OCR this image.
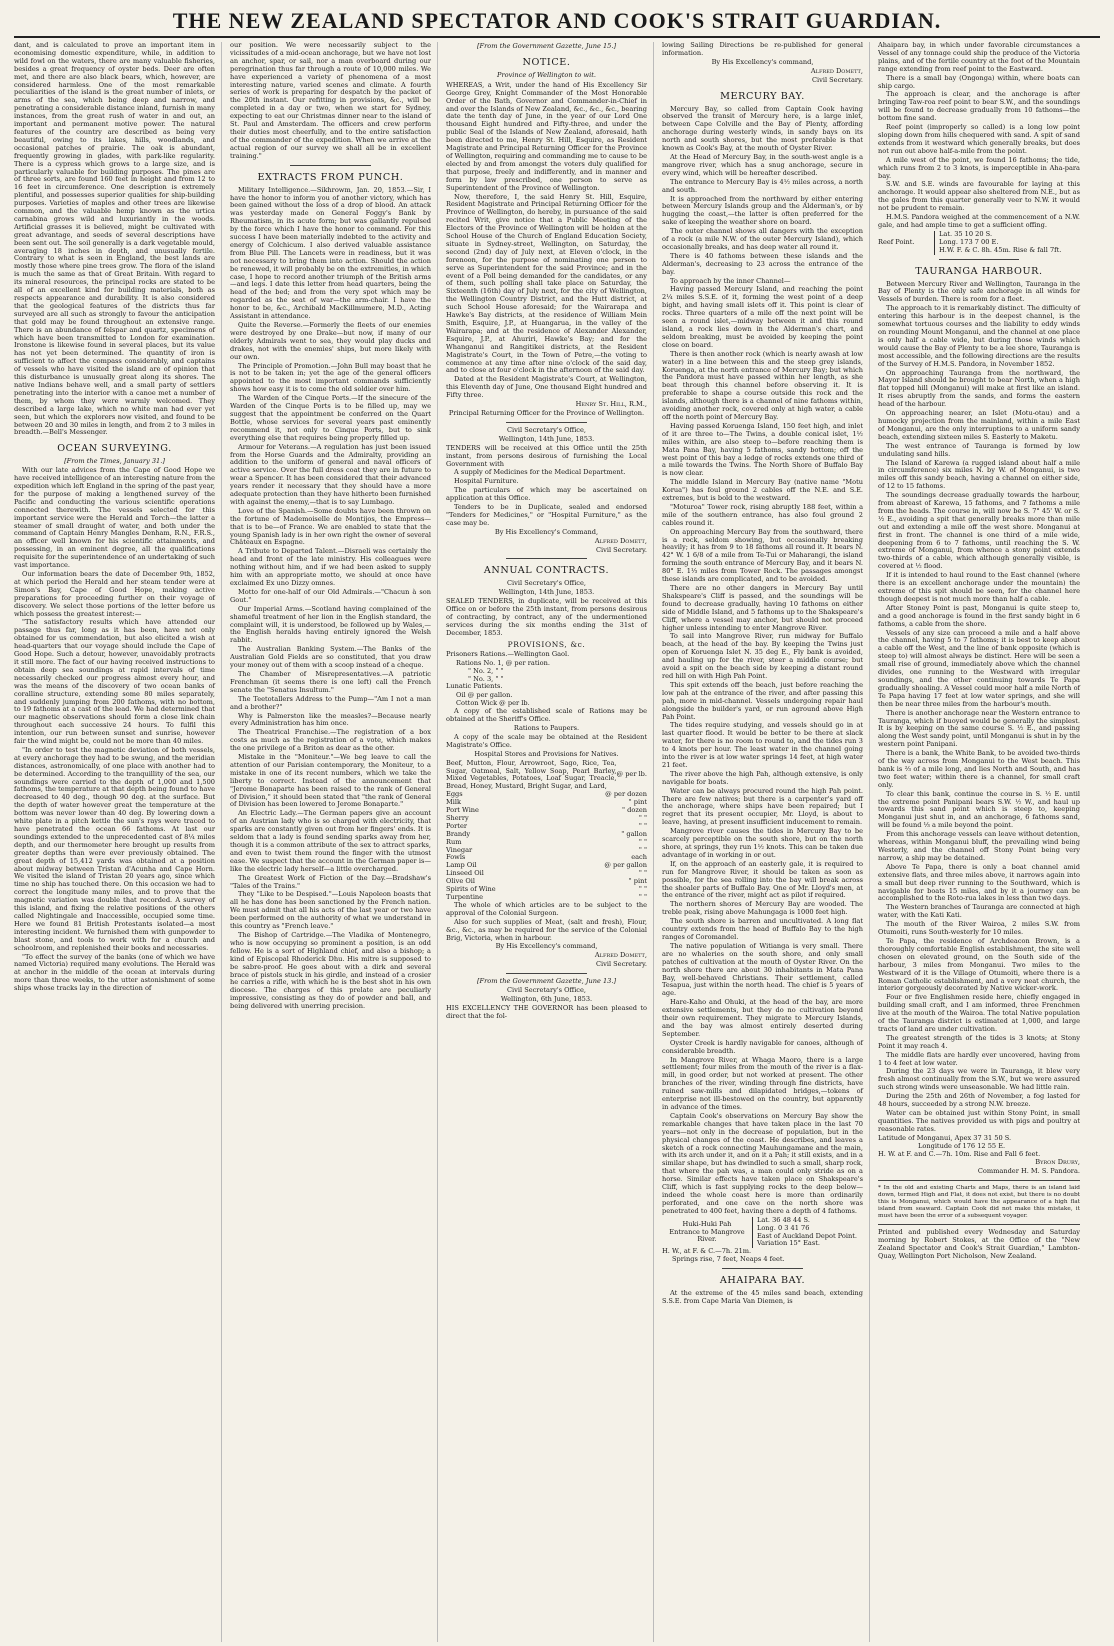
THE NEW ZEALAND SPECTATOR AND COOK'S STRAIT GUARDIAN.

dant, and is calculated to prove an important item in economising domestic expenditure, while, in addition to wild fowl on the waters, there are many valuable fisheries, besides a great frequency of oyster beds. Deer are often met, and there are also black bears, which, however, are considered harmless. One of the most remarkable peculiarities of the island is the great number of inlets, or arms of the sea, which being deep and narrow, and penetrating a considerable distance inland, furnish in many instances, from the great rush of water in and out, an important and permanent motive power. The natural features of the country are described as being very beautiful, owing to its lakes, hills, woodlands, and occasional patches of prairie. The oak is abundant, frequently growing in glades, with park-like regularity. There is a cypress which grows to a large size, and is particularly valuable for building purposes. The pines are of three sorts, are found 160 feet in height and from 12 to 16 feet in circumference. One description is extremely plentiful, and possesses superior qualities for ship-building purposes. Varieties of maples and other trees are likewise common, and the valuable hemp known as the urtica carnabina grows wild and luxuriantly in the woods. Artificial grasses it is believed, might be cultivated with great advantage, and seeds of several descriptions have been sent out. The soil generally is a dark vegetable mould, averaging 18 inches in depth, and unusually fertile. Contrary to what is seen in England, the best lands are mostly those where pine trees grow. The flora of the island is much the same as that of Great Britain. With regard to its mineral resources, the principal rocks are stated to be all of an excellent kind for building materials, both as respects appearance and durability. It is also considered that the geological features of the districts thus far surveyed are all such as strongly to favour the anticipation that gold may be found throughout an extensive range. There is an abundance of felspar and quartz, specimens of which have been transmitted to London for examination. Ironstone is likewise found in several places, but its value has not yet been determined. The quantity of iron is sufficient to affect the compass considerably, and captains of vessels who have visited the island are of opinion that this disturbance is unusually great along its shores. The native Indians behave well, and a small party of settlers penetrating into the interior with a canoe met a number of them, by whom they were warmly welcomed. They described a large lake, which no white man had ever yet seen, but which the explorers now visited, and found to be between 20 and 30 miles in length, and from 2 to 3 miles in breadth.—Bell's Messenger.

OCEAN SURVEYING.
[From the Times, January 31.]

With our late advices from the Cape of Good Hope we have received intelligence of an interesting nature from the expedition which left England in the spring of the past year, for the purpose of making a lengthened survey of the Pacific and conducting the various scientific operations connected therewith. The vessels selected for this important service were the Herald and Torch—the latter a steamer of small draught of water, and both under the command of Captain Henry Mangles Denham, R.N., F.R.S., an officer well known for his scientific attainments, and possessing, in an eminent degree, all the qualifications requisite for the superintendence of an undertaking of such vast importance.

Our information bears the date of December 9th, 1852, at which period the Herald and her steam tender were at Simon's Bay, Cape of Good Hope, making active preparations for proceeding further on their voyage of discovery. We select those portions of the letter before us which possess the greatest interest:—

"The satisfactory results which have attended our passage thus far, long as it has been, have not only obtained for us commendation, but also elicited a wish at head-quarters that our voyage should include the Cape of Good Hope. Such a detour, however, unavoidably protracts it still more. The fact of our having received instructions to obtain deep sea soundings at rapid intervals of time necessarily checked our progress almost every hour, and was the means of the discovery of two ocean banks of coralline structure, extending some 80 miles separately, and suddenly jumping from 200 fathoms, with no bottom, to 19 fathoms at a cast of the lead. We had determined that our magnetic observations should form a close link chain throughout each successive 24 hours. To fulfil this intention, our run between sunset and sunrise, however fair the wind might be, could not be more than 40 miles.

"In order to test the magnetic deviation of both vessels, at every anchorage they had to be swung, and the meridian distances, astronomically, of one place with another had to be determined. According to the tranquillity of the sea, our soundings were carried to the depth of 1,000 and 1,500 fathoms, the temperature at that depth being found to have decreased to 40 deg., though 90 deg. at the surface. But the depth of water however great the temperature at the bottom was never lower than 40 deg. By lowering down a white plate in a pitch kettle the sun's rays were traced to have penetrated the ocean 66 fathoms. At last our soundings extended to the unprecedented cast of 8¼ miles depth, and our thermometer here brought up results from greater depths than were ever previously obtained. The great depth of 15,412 yards was obtained at a position about midway between Tristan d'Acunha and Cape Horn. We visited the island of Tristan 20 years ago, since which time no ship has touched there. On this occasion we had to correct the longitude many miles, and to prove that the magnetic variation was double that recorded. A survey of this island, and fixing the relative positions of the others called Nightingale and Inaccessible, occupied some time. Here we found 81 British Protestants isolated—a most interesting incident. We furnished them with gunpowder to blast stone, and tools to work with for a church and schoolroom, and replenished their books and necessaries.

"To effect the survey of the banks (one of which we have named Victoria) required many evolutions. The Herald was at anchor in the middle of the ocean at intervals during more than three weeks, to the utter astonishment of some ships whose tracks lay in the direction of

our position. We were necessarily subject to the vicissitudes of a mid-ocean anchorage, but we have not lost an anchor, spar, or sail, nor a man overboard during our peregrination thus far through a route of 10,000 miles. We have experienced a variety of phenomena of a most interesting nature, varied scenes and climate. A fourth series of work is preparing for despatch by the packet of the 20th instant. Our refitting in provisions, &c., will be completed in a day or two, when we start for Sydney, expecting to eat our Christmas dinner near to the island of St. Paul and Amsterdam. The officers and crew perform their duties most cheerfully, and to the entire satisfaction of the commander of the expedition. When we arrive at the actual region of our survey we shall all be in excellent training."

EXTRACTS FROM PUNCH.

Military Intelligence.—Sikhrowm, Jan. 20, 1853.—Sir, I have the honor to inform you of another victory, which has been gained without the loss of a drop of blood. An attack was yesterday made on General Foggy's Bank by Rheumatism, in its acute form; but was gallantly repulsed by the force which I have the honor to command. For this success I have been materially indebted to the activity and energy of Colchicum. I also derived valuable assistance from Blue Pill. The Lancets were in readiness, but it was not necessary to bring them into action. Should the action be renewed, it will probably be on the extremities, in which case, I hope to record another triumph of the British arms—and legs. I date this letter from head quarters, being the head of the bed; and from the very spot which may be regarded as the seat of war—the arm-chair. I have the honor to be, &c., Archibald MacKillmumere, M.D., Acting Assistant in attendance.

Quite the Reverse.—Formerly the fleets of our enemies were destroyed by one Drake—but now, if many of our elderly Admirals went to sea, they would play ducks and drakes, not with the enemies' ships, but more likely with our own.

The Principle of Promotion.—John Bull may boast that he is not to be taken in; yet the age of the general officers appointed to the most important commands sufficiently shows how easy it is to come the old soldier over him.

The Warden of the Cinque Ports.—If the sinecure of the Warden of the Cinque Ports is to be filled up, may we suggest that the appointment be conferred on the Quart Bottle, whose services for several years past eminently recommend it, not only to Cinque Ports, but to sink everything else that requires being properly filled up.

Armour for Veterans.—A regulation has just been issued from the Horse Guards and the Admiralty, providing an addition to the uniform of general and naval officers of active service. Over the full dress coat they are in future to wear a Spencer. It has been considered that their advanced years render it necessary that they should have a more adequate protection than they have hitherto been furnished with against the enemy,—that is to say Lumbago.

Love of the Spanish.—Some doubts have been thrown on the fortune of Mademoiselle de Montijos, the Empress—that is to be—of France. We are enabled to state that the young Spanish lady is in her own right the owner of several Châteaux en Espagne.

A Tribute to Departed Talent.—Disraeli was certainly the head and front of the late ministry. His colleagues were nothing without him, and if we had been asked to supply him with an appropriate motto, we should at once have exclaimed Ex uno Dizzy omnes.

Motto for one-half of our Old Admirals.—"Chacun à son Gout."

Our Imperial Arms.—Scotland having complained of the shameful treatment of her lion in the English standard, the complaint will, it is understood, be followed up by Wales,—the English heralds having entirely ignored the Welsh rabbit.

The Australian Banking System.—The Banks of the Australian Gold Fields are so constituted, that you draw your money out of them with a scoop instead of a cheque.

The Chamber of Misrepresentatives.—A patriotic Frenchman (it seems there is one left) call the French senate the "Senatus Insultum."

The Teetotallers Address to the Pump—"Am I not a man and a brother?"

Why is Palmerston like the measles?—Because nearly every Administration has him once.

The Theatrical Franchise.—The registration of a box costs as much as the registration of a vote, which makes the one privilege of a Briton as dear as the other.

Mistake in the "Moniteur."—We beg leave to call the attention of our Parisian contemporary, the Moniteur, to a mistake in one of its recent numbers, which we take the liberty to correct. Instead of the announcement that "Jerome Bonaparte has been raised to the rank of General of Division," it should been stated that "the rank of General of Division has been lowered to Jerome Bonaparte."

An Electric Lady.—The German papers give an account of an Austrian lady who is so charged with electricity, that sparks are constantly given out from her fingers' ends. It is seldom that a lady is found sending sparks away from her, though it is a common attribute of the sex to attract sparks, and even to twist them round the finger with the utmost ease. We suspect that the account in the German paper is—like the electric lady herself—a little overcharged.

The Greatest Work of Fiction of the Day.—Bradshaw's "Tales of the Trains."

They "Like to be Despised."—Louis Napoleon boasts that all he has done has been sanctioned by the French nation. We must admit that all his acts of the last year or two have been performed on the authority of what we understand in this country as "French leave."

The Bishop of Cartridge.—The Vladika of Montenegro, who is now occupying so prominent a position, is an odd fellow. He is a sort of Highland chief, and also a bishop; a kind of Episcopal Rhoderick Dhu. His mitre is supposed to be sabre-proof. He goes about with a dirk and several brace of pistols stuck in his girdle, and instead of a crosier he carries a rifle, with which he is the best shot in his own diocese. The charges of this prelate are peculiarly impressive, consisting as they do of powder and ball, and being delivered with unerring precision.

[From the Government Gazette, June 15.]
NOTICE.
Province of Wellington to wit.

WHEREAS, a Writ, under the hand of His Excellency Sir George Grey, Knight Commander of the Most Honorable Order of the Bath, Governor and Commander-in-Chief in and over the Islands of New Zealand, &c., &c., &c., bearing date the tenth day of June, in the year of our Lord One thousand Eight hundred and Fifty-three, and under the public Seal of the Islands of New Zealand, aforesaid, hath been directed to me, Henry St. Hill, Esquire, as Resident Magistrate and Principal Returning Officer for the Province of Wellington, requiring and commanding me to cause to be elected by and from amongst the voters duly qualified for that purpose, freely and indifferently, and in manner and form by law prescribed, one person to serve as Superintendent of the Province of Wellington.

Now, therefore, I, the said Henry St. Hill, Esquire, Resident Magistrate and Principal Returning Officer for the Province of Wellington, do hereby, in pursuance of the said recited Writ, give notice that a Public Meeting of the Electors of the Province of Wellington will be holden at the School House of the Church of England Education Society, situate in Sydney-street, Wellington, on Saturday, the second (2nd) day of July next, at Eleven o'clock, in the forenoon, for the purpose of nominating one person to serve as Superintendent for the said Province; and in the event of a Poll being demanded for the candidates, or any of them, such polling shall take place on Saturday, the Sixteenth (16th) day of July next, for the city of Wellington, the Wellington Country District, and the Hutt district, at such School House aforesaid; for the Wairarapa and Hawke's Bay districts, at the residence of William Mein Smith, Esquire, J.P., at Huangarua, in the valley of the Wairarapa; and at the residence of Alexander Alexander, Esquire, J.P., at Ahuriri, Hawke's Bay; and for the Whanganui and Rangitikei districts, at the Resident Magistrate's Court, in the Town of Petre,—the voting to commence at any time after nine o'clock of the said day, and to close at four o'clock in the afternoon of the said day.

Dated at the Resident Magistrate's Court, at Wellington, this Eleventh day of June, One thousand Eight hundred and Fifty three.

Henry St. Hill, R.M.,
Principal Returning Officer for the Province of Wellington.
Civil Secretary's Office,
Wellington, 14th June, 1853.

TENDERS will be received at this Office until the 25th instant, from persons desirous of furnishing the Local Government with

A supply of Medicines for the Medical Department.

Hospital Furniture.

The particulars of which may be ascertained on application at this Office.

Tenders to be in Duplicate, sealed and endorsed "Tenders for Medicines," or "Hospital Furniture," as the case may be.

By His Excellency's Command,
Alfred Domett,
Civil Secretary.
ANNUAL CONTRACTS.
Civil Secretary's Office,
Wellington, 14th June, 1853.

SEALED TENDERS, in duplicate, will be received at this Office on or before the 25th instant, from persons desirous of contracting, by contract, any of the undermentioned services during the six months ending the 31st of December, 1853.

PROVISIONS, &c.

Prisoners Rations.—Wellington Gaol.

Rations No. 1, @ per ration.
" No. 2, " "
" No. 3, " "

Lunatic Patients.

Oil @ per gallon.
Cotton Wick @ per lb.

A copy of the established scale of Rations may be obtained at the Sheriff's Office.

Rations to Paupers.

A copy of the scale may be obtained at the Resident Magistrate's Office.

Hospital Stores and Provisions for Natives.
Beef, Mutton, Flour, Arrowroot, Sago, Rice, Tea, Sugar, Oatmeal, Salt, Yellow Soap, Pearl Barley, Mixed Vegetables, Potatoes, Loaf Sugar, Treacle, Bread, Honey, Mustard, Bright Sugar, and Lard,	@ per lb.
Eggs	@ per dozen
Milk	" pint
Port Wine	" dozen
Sherry	" "
Porter	" "
Brandy	" gallon
Rum	" "
Vinegar	" "
Fowls	each
Lamp Oil	@ per gallon
Linseed Oil	" "
Olive Oil	" pint
Spirits of Wine	" "
Turpentine	" "

The whole of which articles are to be subject to the approval of the Colonial Surgeon.

Also for such supplies of Meat, (salt and fresh), Flour, &c., &c., as may be required for the service of the Colonial Brig, Victoria, when in harbour.

By His Excellency's command,
Alfred Domett,
Civil Secretary.
[From the Government Gazette, June 13.]
Civil Secretary's Office,
Wellington, 6th June, 1853.

HIS EXCELLENCY THE GOVERNOR has been pleased to direct that the fol-

lowing Sailing Directions be re-published for general information.

By His Excellency's command,
Alfred Domett,
Civil Secretary.
MERCURY BAY.

Mercury Bay, so called from Captain Cook having observed the transit of Mercury here, is a large inlet, between Cape Colville and the Bay of Plenty, affording anchorage during westerly winds, in sandy bays on its north and south shores, but the most preferable is that known as Cook's Bay, at the mouth of Oyster River.

At the Head of Mercury Bay, in the south-west angle is a mangrove river, which has a snug anchorage, secure in every wind, which will be hereafter described.

The entrance to Mercury Bay is 4½ miles across, a north and south.

It is approached from the northward by either entering between Mercury Islands group and the Alderman's, or by hugging the coast,—the latter is often preferred for the sake of keeping the weather shore on board.

The outer channel shows all dangers with the exception of a rock (a mile N.W. of the outer Mercury Island), which occasionally breaks, and has deep water all round it.

There is 40 fathoms between these islands and the Alderman's, decreasing to 23 across the entrance of the bay.

To approach by the inner Channel—

Having passed Mercury Island, and reaching the point 2¼ miles S.S.E. of it, forming the west point of a deep bight, and having small islets off it. This point is clear of rocks. Three quarters of a mile off the next point will be seen a round islet,—midway between it and this round island, a rock lies down in the Alderman's chart, and seldom breaking, must be avoided by keeping the point close on board.

There is then another rock (which is nearly awash at low water) in a line between this and the steep grey islands, Koruenga, at the north entrance of Mercury Bay; but which the Pandora must have passed within her length, as she beat through this channel before observing it. It is preferable to shape a course outside this rock and the islands, although there is a channel of nine fathoms within, avoiding another rock, covered only at high water, a cable off the north point of Mercury Bay.

Having passed Koruenga Island, 150 feet high, and inlet of it are three to—The Twins, a double conical islet, 1½ miles within, are also steep to—before reaching them is Mata Pana Bay, having 5 fathoms, sandy bottom; off the west point of this bay a ledge of rocks extends one third of a mile towards the Twins. The North Shore of Buffalo Bay is now clear.

The middle Island in Mercury Bay (native name "Motu Korua") has foul ground 2 cables off the N.E. and S.E. extremes, but is bold to the westward.

"Moturoa" Tower rock, rising abruptly 188 feet, within a mile of the southern entrance, has also foul ground 2 cables round it.

On approaching Mercury Bay from the southward, there is a rock, seldom showing, but occasionally breaking heavily; it has from 9 to 18 fathoms all round it. It bears N. 42° W. 1 6/8 of a mile from Te-Tui or Maharangi, the island forming the south entrance of Mercury Bay, and it bears N. 80° E. 1⅓ miles from Tower Rock. The passages amongst these islands are complicated, and to be avoided.

There are no other dangers in Mercury Bay until Shakspeare's Cliff is passed, and the soundings will be found to decrease gradually, having 10 fathoms on either side of Middle Island, and 5 fathoms up to the Shakspeare's Cliff, where a vessel may anchor, but should not proceed higher unless intending to enter Mangrove River.

To sail into Mangrove River, run midway for Buffalo beach, at the head of the bay. By keeping the Twins just open of Koruenga Islet N. 35 deg E., Fly bank is avoided, and hauling up for the river, steer a middle course; but avoid a spit on the beach side by keeping a distant round red hill on with High Pah Point.

This spit extends off the beach, just before reaching the low pah at the entrance of the river, and after passing this pah, more in mid-channel. Vessels undergoing repair haul alongside the builder's yard, or run aground above High Pah Point.

The tides require studying, and vessels should go in at last quarter flood. It would be better to be there at slack water, for there is no room to round to, and the tides run 3 to 4 knots per hour. The least water in the channel going into the river is at low water springs 14 feet, at high water 21 feet.

The river above the high Pah, although extensive, is only navigable for boats.

Water can be always procured round the high Pah point. There are few natives; but there is a carpenter's yard off the anchorage, where ships have been repaired; but I regret that its present occupier, Mr. Lloyd, is about to leave, having, at present insufficient inducement to remain.

Mangrove river causes the tides in Mercury Bay to be scarcely perceptible on the south shore, but on the north shore, at springs, they run 1½ knots. This can be taken due advantage of in working in or out.

If, on the approach of an easterly gale, it is required to run for Mangrove River, it should be taken as soon as possible, for the sea rolling into the bay will break across the shoaler parts of Buffalo Bay. One of Mr. Lloyd's men, at the entrance of the river, might act as pilot if required.

The northern shores of Mercury Bay are wooded. The treble peak, rising above Mahungaga is 1000 feet high.

The south shore is barren and uncultivated. A long flat country extends from the head of Buffalo Bay to the high ranges of Coromandel.

The native population of Witianga is very small. There are no whaleries on the south shore, and only small patches of cultivation at the mouth of Oyster River. On the north shore there are about 30 inhabitants in Mata Pana Bay, well-behaved Christians. Their settlement, called Tesapua, just within the north head. The chief is 5 years of age.

Hare-Kaho and Ohuki, at the head of the bay, are more extensive settlements, but they do no cultivation beyond their own requirement. They migrate to Mercury Islands, and the bay was almost entirely deserted during September.

Oyster Creek is hardly navigable for canoes, although of considerable breadth.

In Mangrove River, at Whaga Maoro, there is a large settlement; four miles from the mouth of the river is a flax-mill, in good order, but not worked at present. The other branches of the river, winding through fine districts, have ruined saw-mills and dilapidated bridges,—tokens of enterprise not ill-bestowed on the country, but apparently in advance of the times.

Captain Cook's observations on Mercury Bay show the remarkable changes that have taken place in the last 70 years—not only in the decrease of population, but in the physical changes of the coast. He describes, and leaves a sketch of a rock connecting Mauhungamane and the main, with its arch under it, and on it a Pah; it still exists, and in a similar shape, but has dwindled to such a small, sharp rock, that where the pah was, a man could only stride as on a horse. Similar effects have taken place on Shakspeare's Cliff, which is fast supplying rocks to the deep below—indeed the whole coast here is more than ordinarily perforated, and one cave on the north shore was penetrated to 400 feet, having there a depth of 4 fathoms.

Huki-Huki Pah
Entrance to Mangrove
River.

Lat. 36 48 44 S.
Long. 0 3 41 76
East of Auckland Depot Point.
Variation 15° East.
H. W., at F. & C.—7h. 21m.
Springs rise, 7 feet, Neaps 4 feet.
AHAIPARA BAY.

At the extreme of the 45 miles sand beach, extending S.S.E. from Cape Maria Van Diemen, is

Ahaipara bay, in which under favorable circumstances a Vessel of any tonnage could ship the produce of the Victoria plains, and of the fertile country at the foot of the Mountain range extending from reef point to the Eastward.

There is a small bay (Ongonga) within, where boats can ship cargo.

The approach is clear, and the anchorage is after bringing Taw-roa reef point to bear S.W., and the soundings will be found to decrease gradually from 10 fathoms—the bottom fine sand.

Reef point (improperly so called) is a long low point sloping down from hills chequered with sand. A spit of sand extends from it westward which generally breaks, but does not run out above half-a-mile from the point.

A mile west of the point, we found 16 fathoms; the tide, which runs from 2 to 3 knots, is imperceptible in Aha-para bay.

S.W. and S.E. winds are favourable for laying at this anchorage. It would appear also sheltered from N.E., but as the gales from this quarter generally veer to N.W. it would not be prudent to remain.

H.M.S. Pandora weighed at the commencement of a N.W. gale, and had ample time to get a sufficient offing.

Reef Point.	
Lat. 35 10 20 S.
Long. 173 7 00 E.
H.W. F. & C. 8h. 45m. Rise & fall 7ft.
TAURANGA HARBOUR.

Between Mercury River and Wellington, Tauranga in the Bay of Plenty is the only safe anchorage in all winds for Vessels of burden. There is room for a fleet.

The approach to it is remarkably distinct. The difficulty of entering this harbour is in the deepest channel, is the somewhat tortuous courses and the liability to eddy winds on rounding Mount Monganui, and the channel at one place is only half a cable wide, but during those winds which would cause the Bay of Plenty to be a lee shore, Tauranga is most accessible, and the following directions are the results of the Survey of H.M.S. Pandora, in November 1852.

On approaching Tauranga from the northward, the Mayor Island should be brought to bear North, when a high flat topped hill (Monganui) will make at first like an island. It rises abruptly from the sands, and forms the eastern head of the harbour.

On approaching nearer, an Islet (Motu-otau) and a humocky projection from the mainland, within a mile East of Monganui, are the only interruptions to a uniform sandy beach, extending sixteen miles S. Easterly to Maketu.

The west entrance of Tauranga is formed by low undulating sand hills.

The Island of Karewa (a rugged island about half a mile in circumference) six miles N. by W. of Monganui, is two miles off this sandy beach, having a channel on either side, of 12 to 15 fathoms.

The soundings decrease gradually towards the harbour, from abreast of Karewa, 15 fathoms, and 7 fathoms a mile from the heads. The course in, will now be S. 7° 45' W. or S. ½ E., avoiding a spit that generally breaks more than mile out and extending a mile off the west shore. Monganui at first in front. The channel is one third of a mile wide, deepening from 6 to 7 fathoms, until reaching the S. W. extreme of Monganui, from whence a stony point extends two-thirds of a cable, which although generally visible, is covered at ½ flood.

If it is intended to haul round to the East channel (where there is an excellent anchorage under the mountain) the extreme of this spit should be seen, for the channel here though deepest is not much more than half a cable.

After Stoney Point is past, Monganui is quite steep to, and a good anchorage is found in the first sandy bight in 6 fathoms, a cable from the shore.

Vessels of any size can proceed a mile and a half above the channel, having 5 to 7 fathoms; it is best to keep about a cable off the West, and the line of bank opposite (which is steep to) will almost always be distinct. Here will be seen a small rise of ground, immediately above which the channel divides, one running to the Westward with irregular soundings, and the other continuing towards Te Papa gradually shoaling. A Vessel could moor half a mile North of Te Papa having 17 feet at low water springs, and she will then be near three miles from the harbour's mouth.

There is another anchorage near the Western entrance to Tauranga, which if buoyed would be generally the simplest. It is by keeping on the same course S. ½ E., and passing along the West sandy point, until Monganui is shut in by the western point Panipani.

There is a bank, the White Bank, to be avoided two-thirds of the way across from Monganui to the West beach. This bank is ⅔ of a mile long, and lies North and South, and has two feet water; within there is a channel, for small craft only.

To clear this bank, continue the course in S. ½ E. until the extreme point Panipani bears S.W. ½ W., and haul up towards this sand point which is steep to, keeping Monganui just shut in, and an anchorage, 6 fathoms sand, will be found ⅓ a mile beyond the point.

From this anchorage vessels can leave without detention, whereas, within Monganui bluff, the prevailing wind being Westerly, and the channel off Stony Point being very narrow, a ship may be detained.

Above Te Papa, there is only a boat channel amid extensive flats, and three miles above, it narrows again into a small but deep river running to the Southward, which is navigable for boats 15 miles, and by it a journey can be accomplished to the Roto-rua lakes in less than two days.

The Western branches of Tauranga are connected at high water, with the Kati Kati.

The mouth of the River Wairoa, 2 miles S.W. from Otumoiti, runs South-westerly for 10 miles.

Te Papa, the residence of Archdeacon Brown, is a thoroughly comfortable English establishment, the site well chosen on elevated ground, on the South side of the harbour, 3 miles from Monganui. Two miles to the Westward of it is the Village of Otumoiti, where there is a Roman Catholic establishment, and a very neat church, the interior gorgeously decorated by Native wicker-work.

Four or five Englishmen reside here, chiefly engaged in building small craft, and I am informed, three Frenchmen live at the mouth of the Wairoa. The total Native population of the Tauranga district is estimated at 1,000, and large tracts of land are under cultivation.

The greatest strength of the tides is 3 knots; at Stony Point it may reach 4.

The middle flats are hardly ever uncovered, having from 1 to 4 feet at low water.

During the 23 days we were in Tauranga, it blew very fresh almost continually from the S.W., but we were assured such strong winds were unseasonable. We had little rain.

During the 25th and 26th of November, a fog lasted for 48 hours, succeeded by a strong N.W. breeze.

Water can be obtained just within Stony Point, in small quantities. The natives provided us with pigs and poultry at reasonable rates.

Latitude of Monganui, Apex 37 31 50 S.
Longitude of 176 12 55 E.
H. W. at F. and C.—7h. 10m. Rise and Fall 6 feet.
Byron Drury,
Commander H. M. S. Pandora.

* In the old and existing Charts and Maps, there is an island laid down, termed High and Flat, it does not exist, but there is no doubt this is Monganui, which would have the appearance of a high flat island from seaward. Captain Cook did not make this mistake, it must have been the error of a subsequent voyager.

Printed and published every Wednesday and Saturday morning by Robert Stokes, at the Office of the "New Zealand Spectator and Cook's Strait Guardian," Lambton-Quay, Wellington Port Nicholson, New Zealand.
